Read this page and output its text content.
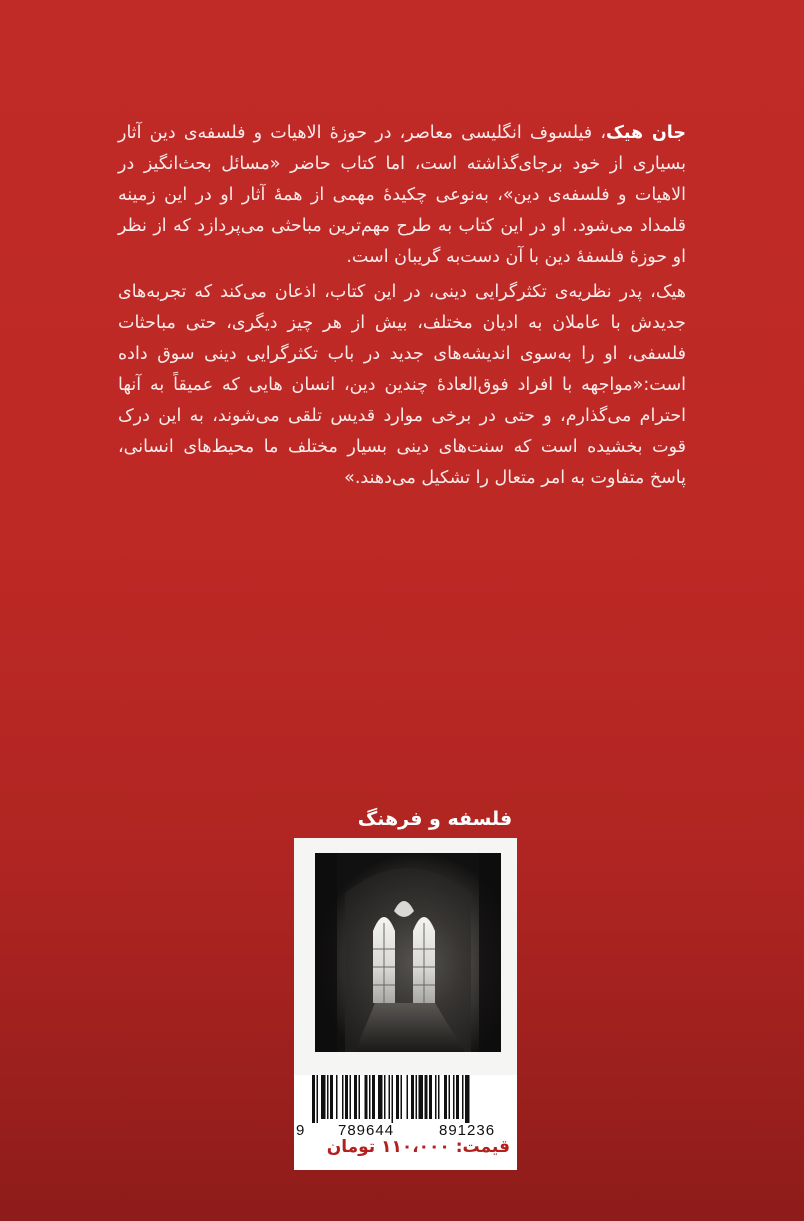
جان هیک، فیلسوف انگلیسی معاصر، در حوزهٔ الاهیات و فلسفه‌ی دین آثار بسیاری از خود برجای‌گذاشته است، اما کتاب حاضر «مسائل بحث‌انگیز در الاهیات و فلسفه‌ی دین»، به‌نوعی چکیدهٔ مهمی از همهٔ آثار او در این زمینه قلمداد می‌شود. او در این کتاب به طرح مهم‌ترین مباحثی می‌پردازد که از نظر او حوزهٔ فلسفهٔ دین با آن دست‌به گریبان است.

هیک، پدر نظریه‌ی تکثرگرایی دینی، در این کتاب، اذعان می‌کند که تجربه‌های جدیدش با عاملان به ادیان مختلف، بیش از هر چیز دیگری، حتی مباحثات فلسفی، او را به‌سوی اندیشه‌های جدید در باب تکثرگرایی دینی سوق داده است:«مواجهه با افراد فوق‌العادهٔ چندین دین، انسان هایی که عمیقاً به آنها احترام می‌گذارم، و حتی در برخی موارد قدیس تلقی می‌شوند، به این درک قوت بخشیده است که سنت‌های دینی بسیار مختلف ما محیط‌های انسانی، پاسخ متفاوت به امر متعال را تشکیل می‌دهند.»

فلسفه و فرهنگ
9 789644	891236
قیمت: ۱۱۰،۰۰۰ تومان
